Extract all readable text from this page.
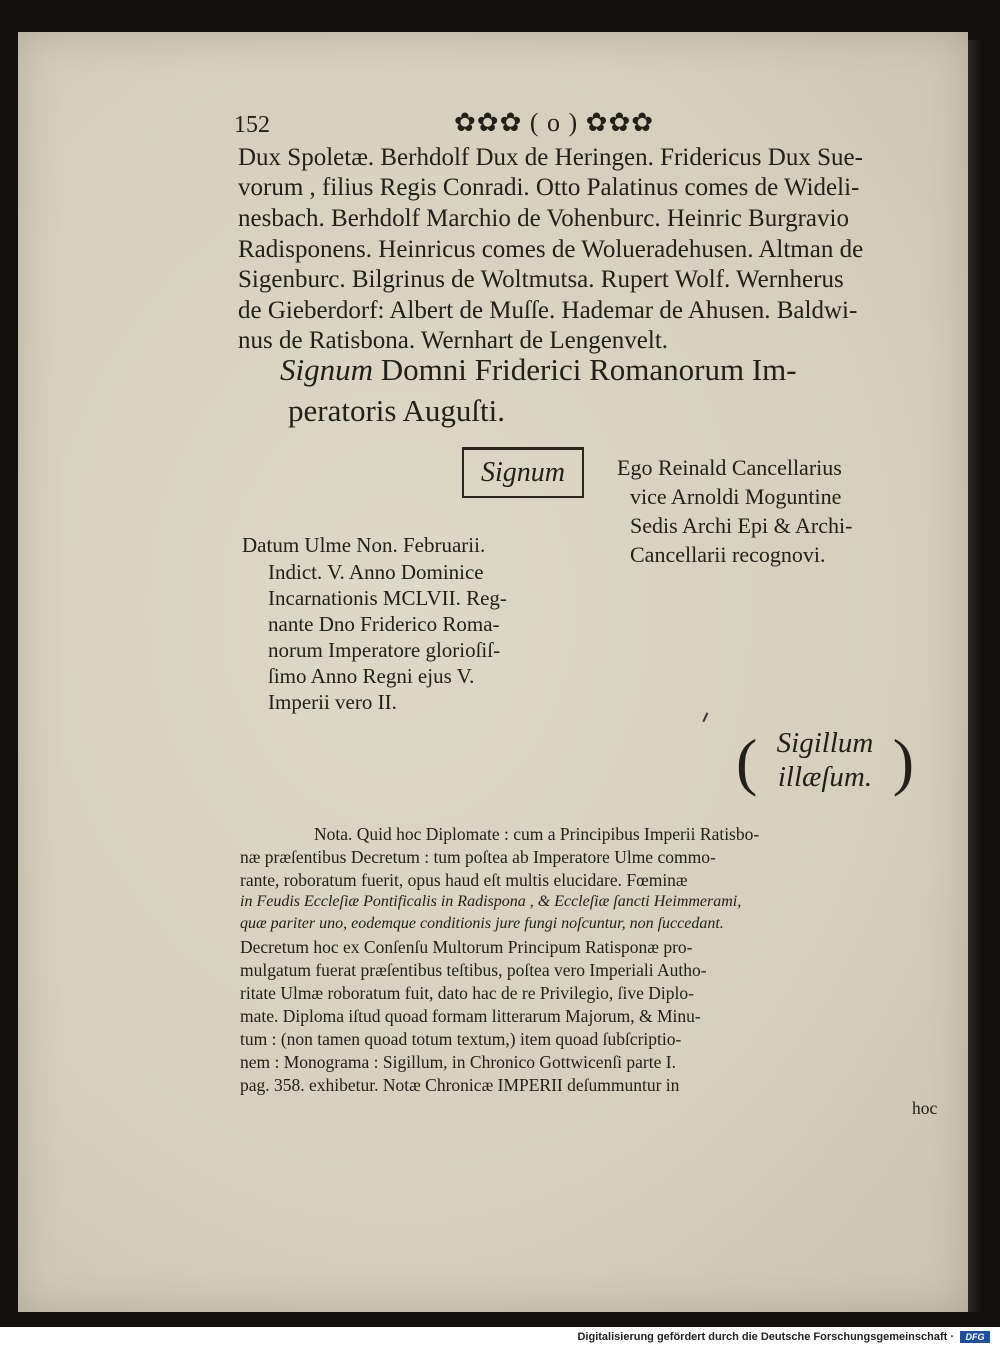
152	✿✿✿ ( o ) ✿✿✿
Dux Spoletæ. Berhdolf Dux de Heringen. Fridericus Dux Sue-
vorum , filius Regis Conradi. Otto Palatinus comes de Wideli-
nesbach. Berhdolf Marchio de Vohenburc. Heinric Burgravio
Radisponens. Heinricus comes de Wolueradehusen. Altman de
Sigenburc. Bilgrinus de Woltmutsa. Rupert Wolf. Wernherus
de Gieberdorf: Albert de Muſſe. Hademar de Ahusen. Baldwi-
nus de Ratisbona. Wernhart de Lengenvelt.
Signum Domni Friderici Romanorum Im-
peratoris Auguſti.
Signum	Ego Reinald Cancellarius
vice Arnoldi Moguntine
Sedis Archi Epi & Archi-
Cancellarii recognovi.
Datum Ulme Non. Februarii.
Indict. V. Anno Dominice
Incarnationis MCLVII. Reg-
nante Dno Friderico Roma-
norum Imperatore glorioſiſ-
ſimo Anno Regni ejus V.
Imperii vero II.
( Sigillum
illæſum. )
Nota. Quid hoc Diplomate : cum a Principibus Imperii Ratisbo-
næ præſentibus Decretum : tum poſtea ab Imperatore Ulme commo-
rante, roboratum fuerit, opus haud eſt multis elucidare. Fœminæ
in Feudis Eccleſiæ Pontificalis in Radispona , & Eccleſiæ ſancti Heimmerami,
quæ pariter uno, eodemque conditionis jure fungi noſcuntur, non ſuccedant.
Decretum hoc ex Conſenſu Multorum Principum Ratisponæ pro-
mulgatum fuerat præſentibus teſtibus, poſtea vero Imperiali Autho-
ritate Ulmæ roboratum fuit, dato hac de re Privilegio, ſive Diplo-
mate. Diploma iſtud quoad formam litterarum Majorum, & Minu-
tum : (non tamen quoad totum textum,) item quoad ſubſcriptio-
nem : Monograma : Sigillum, in Chronico Gottwicenſi parte I.
pag. 358. exhibetur. Notæ Chronicæ IMPERII deſummuntur in
hoc
Digitalisierung gefördert durch die Deutsche Forschungsgemeinschaft ·	DFG
